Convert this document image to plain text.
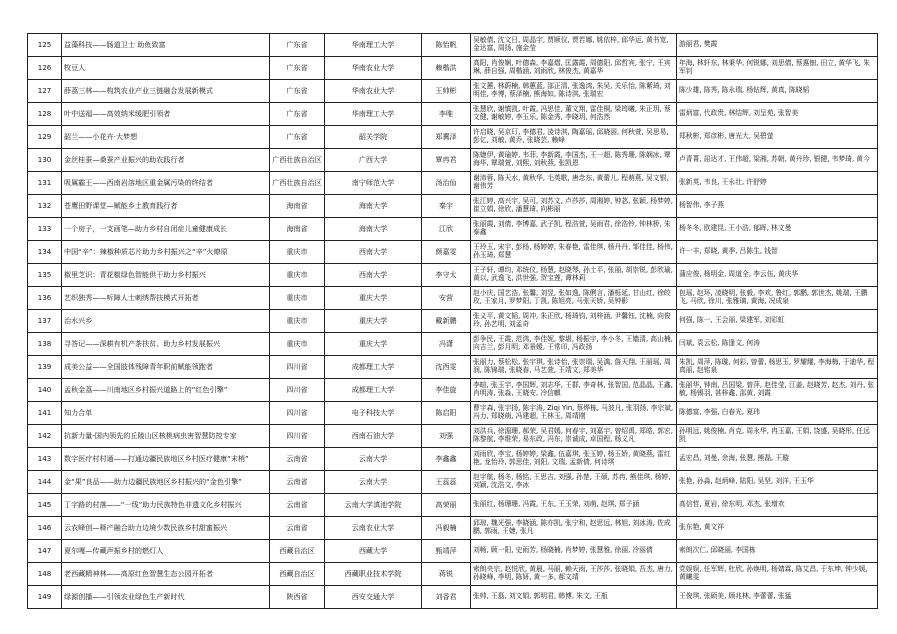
125	益藻科技——肠道卫士 助鱼致富	广东省	华南理工大学	陈怡帆	吴敏倩, 沈文日, 周晶宇, 贾顺仪, 贾若娜, 姚依梓, 邱华运, 黄书宽, 金达富, 周扬, 施金莹	游丽君, 樊霞
126	牧豆人	广东省	华南农业大学	赖楷洪	高阳, 肖俊娴, 叶德森, 李嘉熠, 匡露霞, 周德阳, 邱哲宾, 张宁, 王宾琳, 薛自强, 周楷涵, 刘雨欣, 林俊杰, 黄嘉华	年海, 林轩东, 林秉华, 何锐娜, 刘思倩, 蔡惠钿, 田立, 黄华飞, 朱军钊
127	薛荔三林——构筑农业产业三链融合发展新模式	广东省	华南农业大学	王帅彬	张文蕙, 林蔚楠, 韩蕙蓝, 邵正清, 张逸鸿, 朱吴, 关乐怡, 陈紫琦, 刘明佳, 李博, 蔡泽楠, 熊海如, 陈诗淇, 张瑞宏	陈少雄, 陈秀, 陈永瑞, 杨钻辉, 黄真, 陈晓韬
128	叶中送福——高效纳米缓肥引领者	广东省	华南理工大学	李唯	张慧欣, 谢慎凯, 叶霞, 冯思佳, 董文翔, 雷佳桐, 梁筠曦, 朱正玥, 蔡文健, 谢敏婷, 李玉乐, 陈金秀, 李晓玥, 何浩然	雷炳富, 代政贵, 林结辉, 刘呈苑, 张智美
129	韶兰——小花卉·大梦想	广东省	韶关学院	郑冀泽	许启晓, 吴京玎, 李德君, 凌诗淇, 陶嘉瑶, 邱晓丽, 何秋萱, 吴思易, 彭亿, 刘敏, 黄乔, 张晓芸, 赖峰	郑秋彬, 郑彦彬, 唐光大, 吴碧萤
130	金丝桂蚕—桑蚕产业振兴的助农践行者	广西壮族自治区	广西大学	覃冉君	陈婕伊, 黄瑜婷, 韦菲, 李新霞, 李国杰, 王一超, 陈秀珊, 陈娴冰, 覃海华, 覃瑞萱, 刘熙, 刘秋燕, 张凯恩	卢青菁, 屈达才, 王伟超, 梁湘, 苏朝, 黄丹珍, 银健, 韦梦琦, 黄今
131	吸属霸王——西南岩溶地区重金属污染的终结者	广西壮族自治区	南宁师范大学	汤治仙	谢沛蓉, 陈天水, 黄秋华, 毛英歌, 唐念东, 黄蕾儿, 程萌燕, 吴文银, 谢伟芳	张新英, 韦良, 王永壮, 许舒婷
132	苍鹰田野课堂—赋能乡土教育践行者	海南省	海南大学	秦宇	张江婷, 高兴宇, 吴可, 刘苏文, 卢莎莎, 周湘婷, 钟苾, 张颖, 杨梦婷, 崔立娟, 徐欣, 潘慧琦, 向彬丽	杨智伟, 李子燕
133	一个房子，一支画笔—助力乡村自闭症儿童健康成长	海南省	海南大学	江欣	张丽霞, 刘倩, 李博嘉, 武子凯, 程浩萱, 吴雨君, 徐浩铃, 钟林桥, 朱泰鑫	杨冬冬, 欧建昆, 王小浩, 郁晖, 林文曼
134	中国“辛”：辣椒种质芯片助力乡村振兴之“辛”火燎原	重庆市	西南大学	颜嘉雯	王玲玉, 宋宇, 彭杨, 杨婷婷, 朱春艳, 雷佳琪, 杨丹丹, 邹佳佳, 杨伟, 孙玉琦, 郑慧	许一丰, 郑晓, 黄季, 吕陈生, 钱智
135	椒里芝识：青花椒绿色智能供干助力乡村振兴	重庆市	西南大学	李守太	王子轩, 谭均, 邓统仪, 杨慧, 赵晓琴, 孙士平, 张丽, 胡崇锐, 彭欣瑜, 黄以, 武逸飞, 洪世强, 贺宝莲, 谭林莉	蒲应俊, 杨明金, 周道全, 李云伍, 黄庆华
136	艺织独秀——听障人士刺绣帮扶模式开拓者	重庆市	重庆大学	安营	赵小庆, 国艺浩, 张馨, 刘昱, 张如逸, 陈俐言, 潘栎延, 甘山红, 徐皎玫, 王家月, 罗梦阳, 丁凯, 陈旭亮, 马张天娇, 吴钟影	包瑶, 赵环, 凌晓明, 张毅, 李欢, 鲁红, 郭鹏, 郭世杰, 姚瑞, 王鹏飞, 马欣, 徐川, 张雅璃, 黄海, 况成泉
137	治水兴乡	重庆市	重庆大学	戴新鹏	张义平, 黄文韬, 周冲, 朱正欣, 杨琦钧, 刘梓涵, 尹馨钰, 沈楠, 向俊玲, 孙艺明, 刘孟奇	何强, 陈一, 王会丽, 梁建军, 刘彩虹
138	寻答记——深耕有机产茶扶贫、助力乡村发展振兴	重庆市	重庆大学	冯潇	彭争民, 王霞, 范鸿, 李佳妮, 黎堪, 杨振宇, 李小冬, 王嫱清, 高山楠, 向吉兰, 彭月明, 邓景嫒, 王常印, 冯政扬	闫斌, 袁云松, 陈逢文, 何涛
139	成美公益——全国肢体残障青年职前赋能领跑者	四川省	成都理工大学	沈西雯	张丽力, 蔡松松, 张宇琪, 张诗怡, 张崇瑞, 吴漓, 詹天翔, 王丽瑶, 周润, 陈锦瑞, 张晓春, 马艺萱, 王靖文, 郑美华	朱凯, 周萍, 陈璇, 何彩, 曾蕾, 杨思玉, 罗耀耀, 李海梅, 于迪华, 程真丽, 赵铭泉
140	孟秋金荔——川南地区乡村振兴道路上的“红色引擎”	四川省	成都理工大学	李佳旋	李暄, 张玉宇, 李国辉, 刘志华, 王群, 李奇林, 张智国, 范晶晶, 王鑫, 肖明涛, 张淼, 王晓安, 冷信麒	张丽华, 钟南, 吕国梁, 曾萍, 赵佳莹, 江姜, 赵晓芳, 赵杰, 刘丹, 张敏, 杨锡羽, 甚梓鑫, 邵黄, 刘霞
141	知力合单	四川省	电子科技大学	陈启阳	曹宇森, 张宇扬, 陈宇涛, Ziqi Yin, 蔡烨栋, 马波凡, 张羽扬, 李宗斌, 冯力, 郑晓萌, 冯建超, 王林玉, 周靖刚	陈德富, 李强, 白春光, 夏玮
142	抗新力量-国内领先的丘陵山区核桃病虫害智慧防控专家	四川省	西南石油大学	刘强	刘洪兵, 徐湄珊, 郝荣, 吴君嫣, 何春宇, 刘嘉宇, 曾绍禹, 郑皓, 郭宏, 陈黎航, 李维荣, 易东政, 冯东, 崇诚成, 卓国程, 杨义凡	孙明远, 姚俊楠, 肖克, 周永华, 冉玉嘉, 王娟, 饶盛, 吴晓彤, 任远凯
143	数字医疗村村通——打通边疆民族地区乡村医疗健康“末梢”	云南省	云南大学	李鑫鑫	刘雨欣, 李宝, 杨婷婷, 梁鑫, 伍嘉琪, 张玉婷, 杨玉娇, 黄晓燕, 雷红艳, 龙怡玲, 郭思佳, 刘阳, 文瑞, 孟新倩, 何诗琪	孟宏昌, 刘曼, 余海, 张慧, 熊磊, 王璇
144	金“果”良品——助力边疆民族地区乡村振兴的“金色引擎”	云南省	云南大学	王蕊蕊	赵宇航, 杨冬, 杨铭, 王思吉, 刘强, 孙楚, 王硕, 苏冉, 熊佳琪, 杨婷, 刘颖, 沈浩文, 李冰	张艳, 孙淼, 赵炳峰, 陆阳, 吴坚, 刘洋, 王玉华
145	丁字路的村落——“一线”助力民族特色非遗文化乡村振兴	云南省	云南大学滇池学院	高荣丽	张丽红, 杨珊珊, 冯霞, 王东, 王玉荣, 刘萌, 赵琪, 郑子涵	高信哲, 夏岩, 徐东明, 邓杰, 张增欢
146	云农峰创—释产融合助力边境少数民族乡村甜蜜振兴	云南省	云南农业大学	冯毅楠	邱琼, 魏光强, 李晓涵, 陈亦凯, 张宁和, 赵思远, 林旭, 刘冰涛, 佐成鹏, 郭雨, 王婕, 张凡	张东艳, 黄文祥
147	夏尔嘎—传藏声振乡村的燃灯人	西藏自治区	西藏大学	甄靖萍	刘畅, 顾一阳, 史雨芳, 杨晓楠, 肖梦婷, 张慧雅, 徐丽, 冷丽倩	索朗次仁, 邱晓丽, 李国栋
148	老西藏精神林——高原红色智慧生态公园开拓者	西藏自治区	西藏职业技术学院	蒋锐	索朗央宗, 赵悦欣, 黄晨, 马丽, 赖天雨, 王莎莎, 张晓娟, 吾杰, 唐力, 孙晓峰, 李明, 陈妍, 黄一多, 郝文靖	党娱娱, 任军辉, 杜欣, 孙焕明, 杨婧霖, 陈艾昌, 于东坤, 钟少媛, 黄曦雯
149	绿源创播——引领农业绿色生产新时代	陕西省	西安交通大学	刘香君	张帅, 王磊, 刘文娟, 郭明君, 韩博, 朱文, 王瓶	王俊琪, 张硕美, 顾兆林, 李蕾蕾, 张猛
